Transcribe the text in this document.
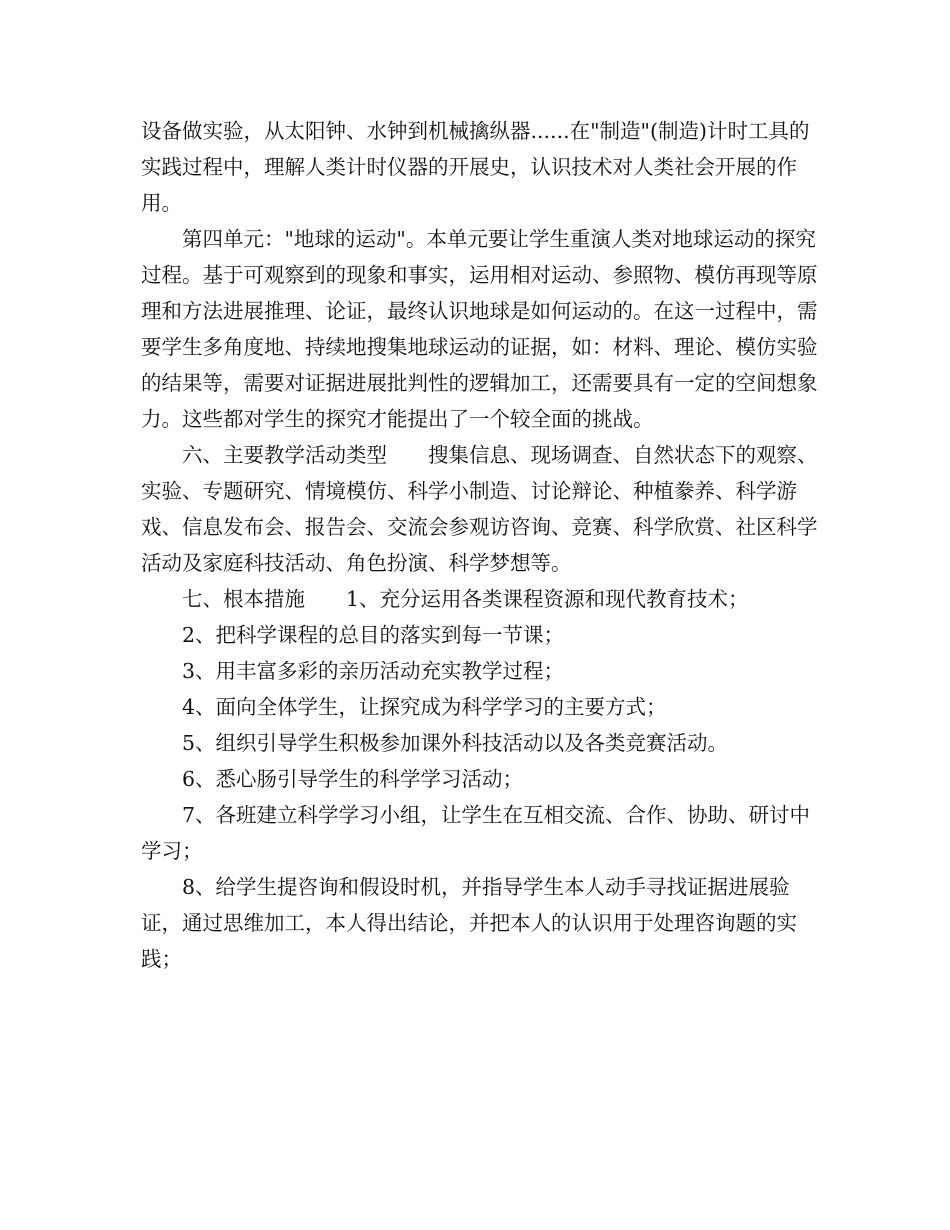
设备做实验，从太阳钟、水钟到机械擒纵器......在"制造"(制造)计时工具的实践过程中，理解人类计时仪器的开展史，认识技术对人类社会开展的作用。

第四单元："地球的运动"。本单元要让学生重演人类对地球运动的探究过程。基于可观察到的现象和事实，运用相对运动、参照物、模仿再现等原理和方法进展推理、论证，最终认识地球是如何运动的。在这一过程中，需要学生多角度地、持续地搜集地球运动的证据，如：材料、理论、模仿实验的结果等，需要对证据进展批判性的逻辑加工，还需要具有一定的空间想象力。这些都对学生的探究才能提出了一个较全面的挑战。

六、主要教学活动类型　　搜集信息、现场调查、自然状态下的观察、实验、专题研究、情境模仿、科学小制造、讨论辩论、种植豢养、科学游戏、信息发布会、报告会、交流会参观访咨询、竞赛、科学欣赏、社区科学活动及家庭科技活动、角色扮演、科学梦想等。

七、根本措施　　1、充分运用各类课程资源和现代教育技术；

2、把科学课程的总目的落实到每一节课；

3、用丰富多彩的亲历活动充实教学过程；

4、面向全体学生，让探究成为科学学习的主要方式；

5、组织引导学生积极参加课外科技活动以及各类竞赛活动。

6、悉心肠引导学生的科学学习活动；

7、各班建立科学学习小组，让学生在互相交流、合作、协助、研讨中学习；

8、给学生提咨询和假设时机，并指导学生本人动手寻找证据进展验证，通过思维加工，本人得出结论，并把本人的认识用于处理咨询题的实践；
